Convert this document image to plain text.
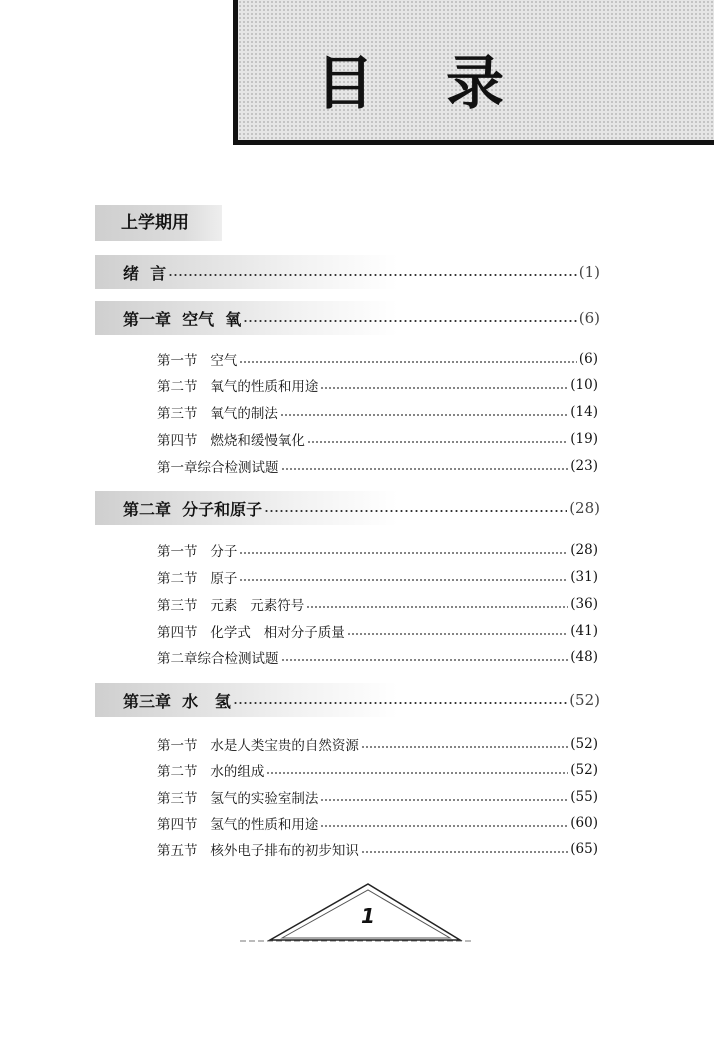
目 录
上学期用
绪  言	(1)
第一章  空气  氧	(6)
第一节   空气	(6)
第二节   氧气的性质和用途	(10)
第三节   氧气的制法	(14)
第四节   燃烧和缓慢氧化	(19)
第一章综合检测试题	(23)
第二章  分子和原子	(28)
第一节   分子	(28)
第二节   原子	(31)
第三节   元素   元素符号	(36)
第四节   化学式   相对分子质量	(41)
第二章综合检测试题	(48)
第三章  水   氢	(52)
第一节   水是人类宝贵的自然资源	(52)
第二节   水的组成	(52)
第三节   氢气的实验室制法	(55)
第四节   氢气的性质和用途	(60)
第五节   核外电子排布的初步知识	(65)
1
